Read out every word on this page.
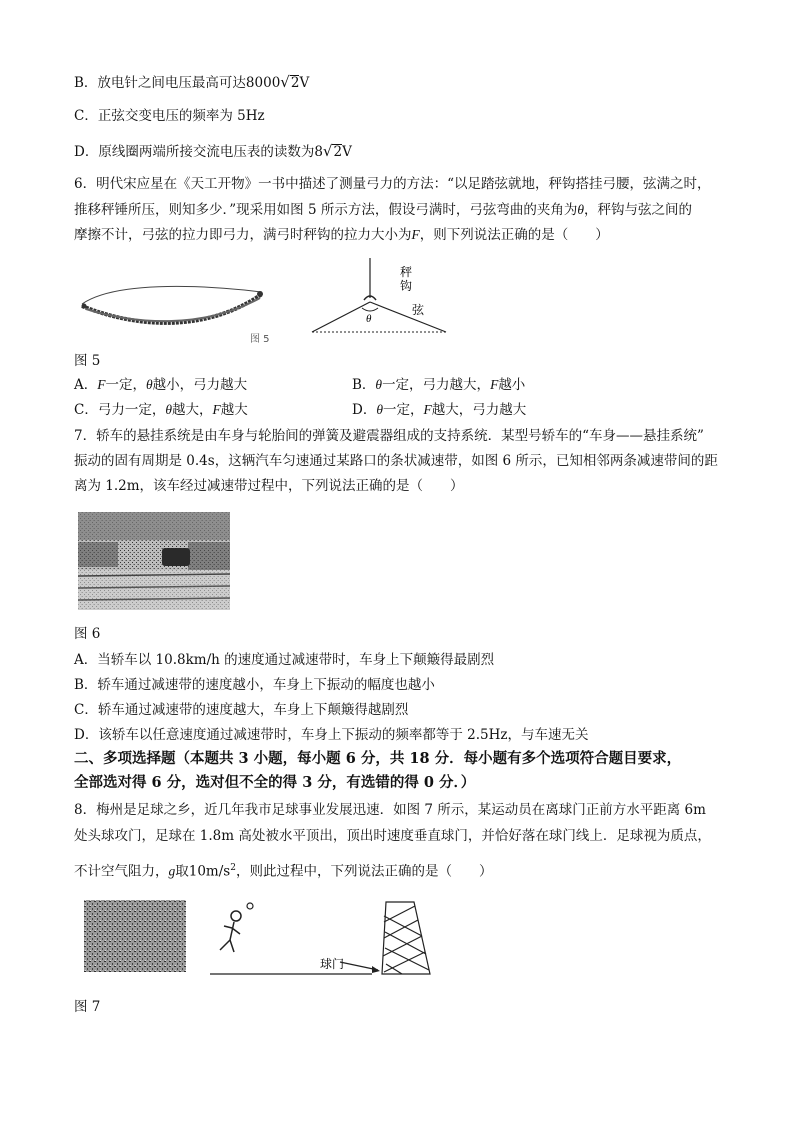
B．放电针之间电压最高可达8000√2V
C．正弦交变电压的频率为 5Hz
D．原线圈两端所接交流电压表的读数为8√2V
6．明代宋应星在《天工开物》一书中描述了测量弓力的方法：“以足踏弦就地，秤钩搭挂弓腰，弦满之时，
推移秤锤所压，则知多少．”现采用如图 5 所示方法，假设弓满时，弓弦弯曲的夹角为θ，秤钩与弦之间的
摩擦不计，弓弦的拉力即弓力，满弓时秤钩的拉力大小为F，则下列说法正确的是（　　）
秤
钩
弦
θ
图 5
图 5
A．F一定，θ越小，弓力越大	B．θ一定，弓力越大，F越小
C．弓力一定，θ越大，F越大	D．θ一定，F越大，弓力越大
7．轿车的悬挂系统是由车身与轮胎间的弹簧及避震器组成的支持系统．某型号轿车的“车身——悬挂系统”
振动的固有周期是 0.4s，这辆汽车匀速通过某路口的条状减速带，如图 6 所示，已知相邻两条减速带间的距
离为 1.2m，该车经过减速带过程中，下列说法正确的是（　　）
图 6
A．当轿车以 10.8km/h 的速度通过减速带时，车身上下颠簸得最剧烈
B．轿车通过减速带的速度越小，车身上下振动的幅度也越小
C．轿车通过减速带的速度越大，车身上下颠簸得越剧烈
D．该轿车以任意速度通过减速带时，车身上下振动的频率都等于 2.5Hz，与车速无关
二、多项选择题（本题共 3 小题，每小题 6 分，共 18 分．每小题有多个选项符合题目要求，
全部选对得 6 分，选对但不全的得 3 分，有选错的得 0 分．）
8．梅州是足球之乡，近几年我市足球事业发展迅速．如图 7 所示，某运动员在离球门正前方水平距离 6m
处头球攻门，足球在 1.8m 高处被水平顶出，顶出时速度垂直球门，并恰好落在球门线上．足球视为质点，
不计空气阻力，g取$10m/s^2$，则此过程中，下列说法正确的是（　　）
球门
图 7
